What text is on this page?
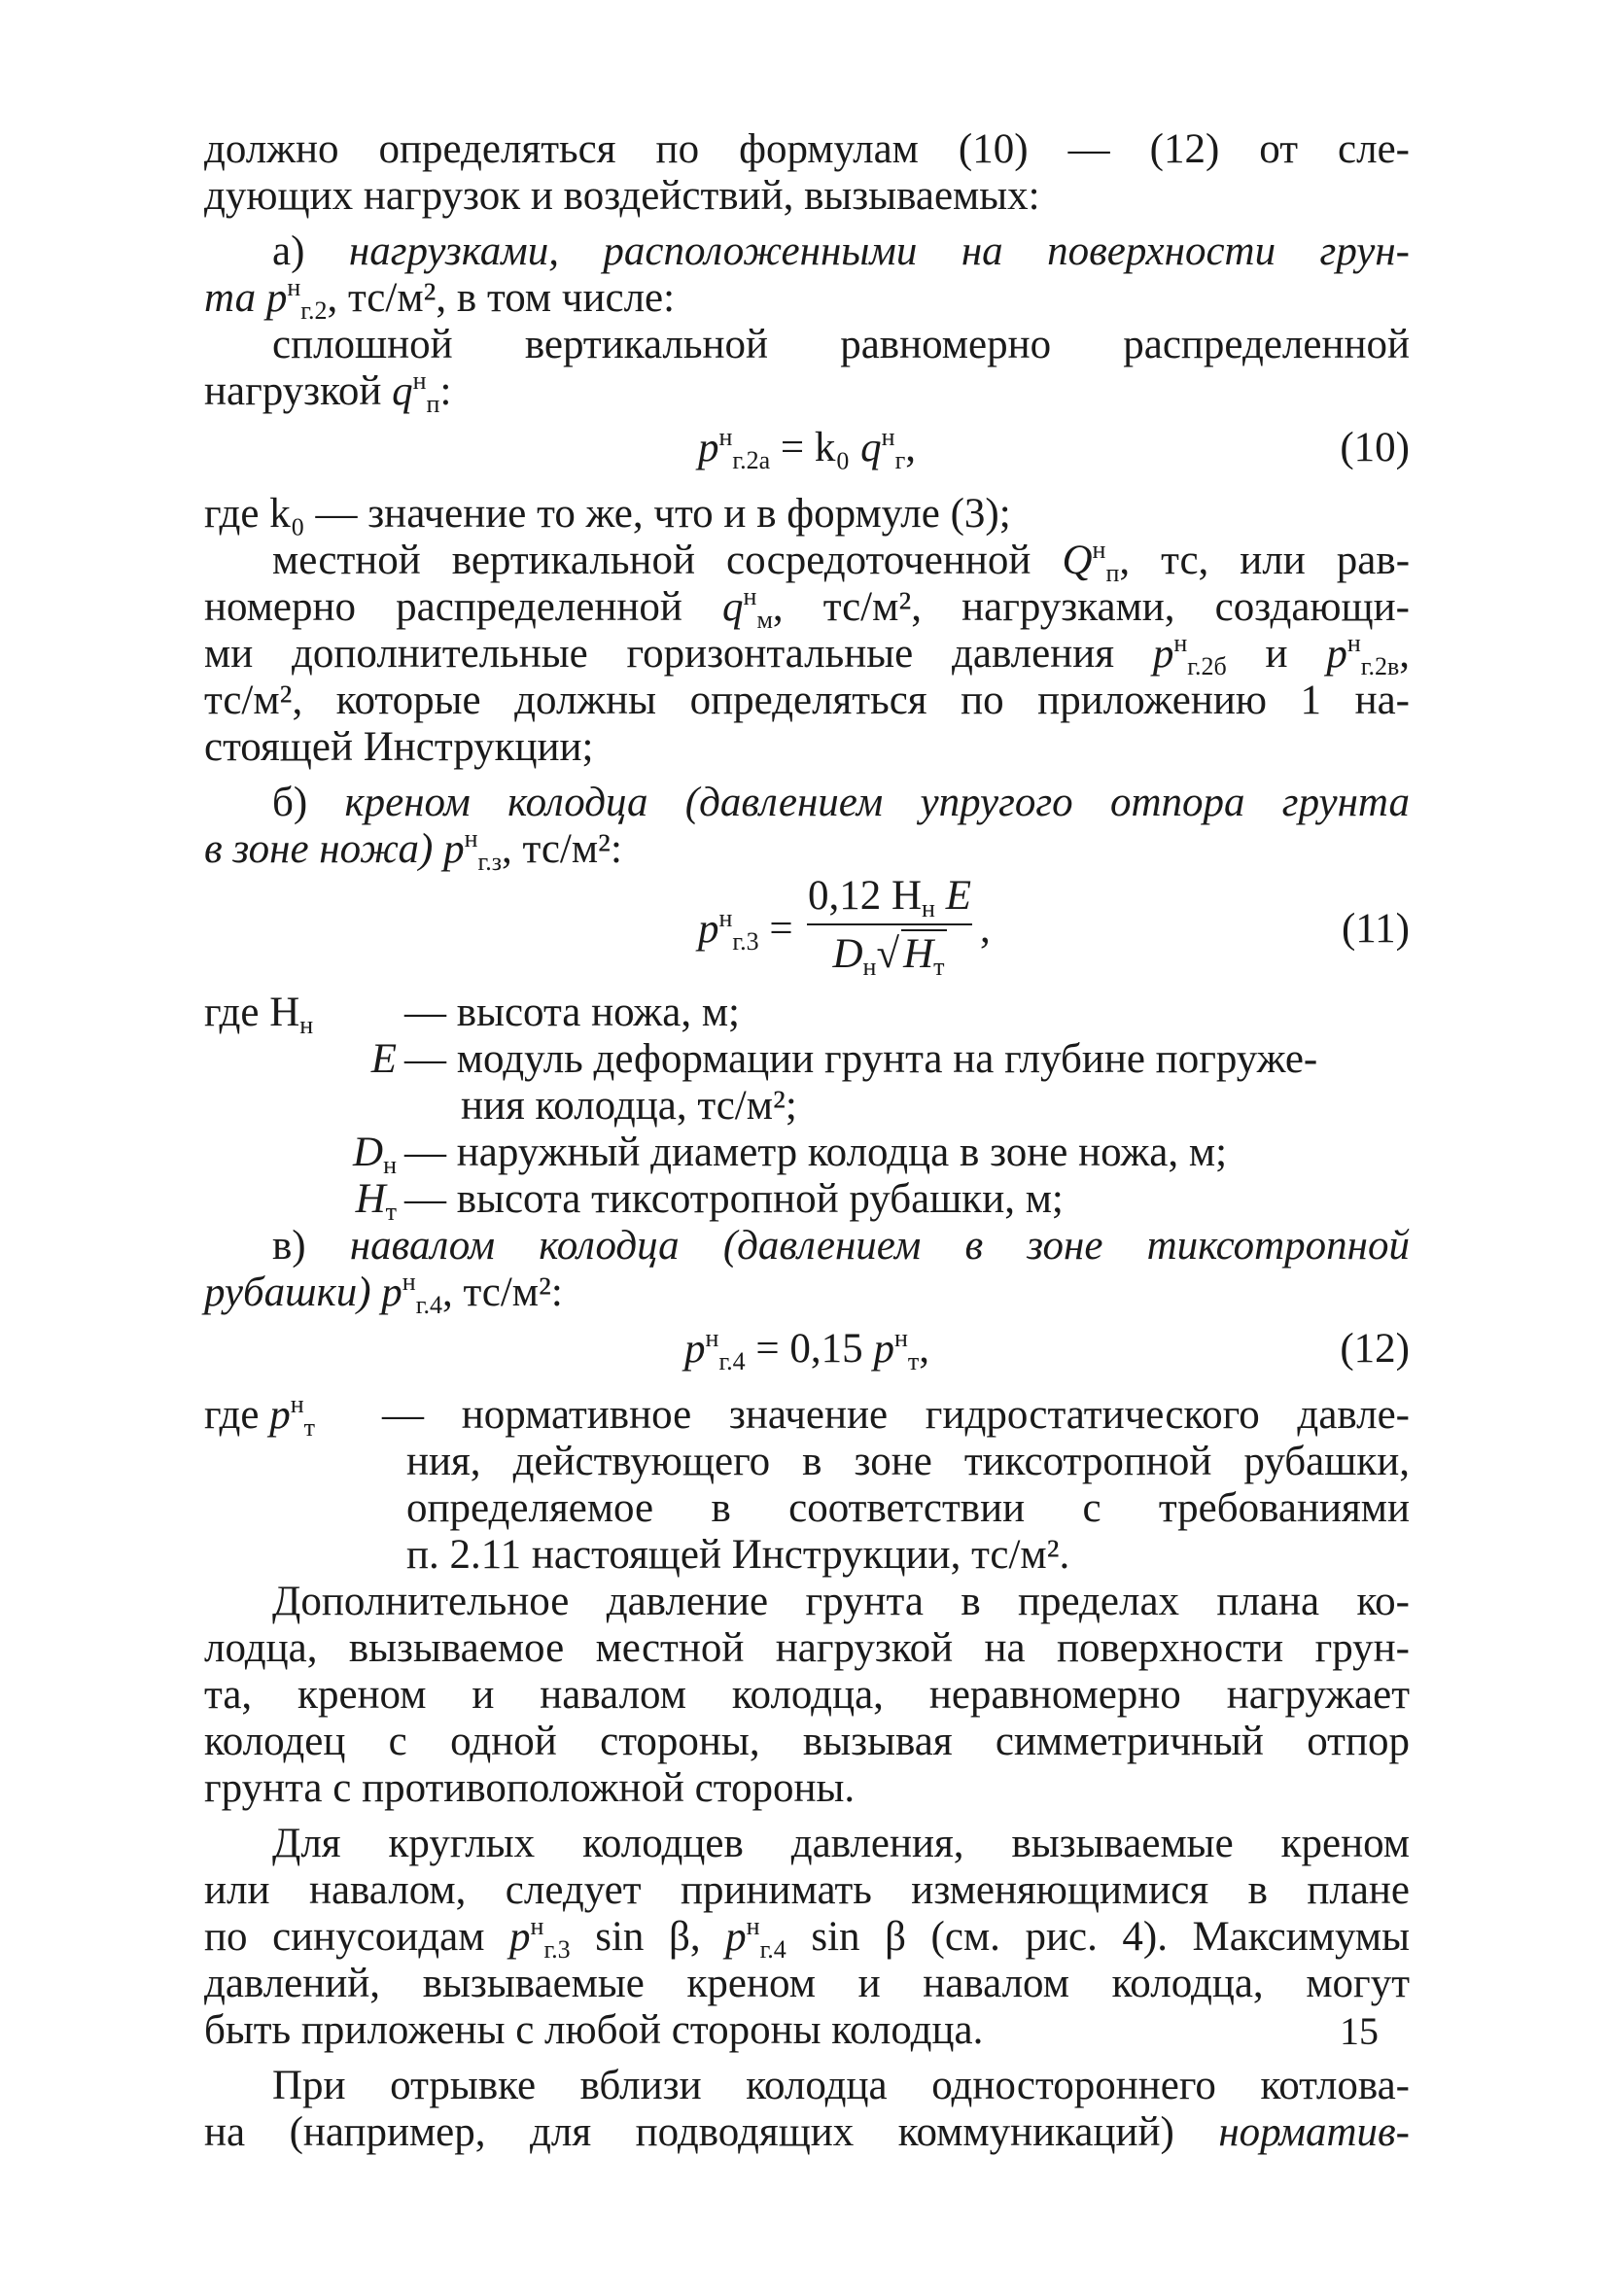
должно определяться по формулам (10) — (12) от сле-

дующих нагрузок и воздействий, вызываемых:

а) нагрузками, расположенными на поверхности грун-

та $p^н_{г.2}$, тс/м², в том числе:

сплошной вертикальной равномерно распределенной

нагрузкой $q^н_п$:

$p^н_{г.2а} = k_0$ $q^н_г$,	(10)

где k₀ — значение то же, что и в формуле (3);

местной вертикальной сосредоточенной $Q^н_п$, тс, или рав-

номерно распределенной $q^н_м$, тс/м², нагрузками, создающи-

ми дополнительные горизонтальные давления $p^н_{г.2б}$ и $p^н_{г.2в}$,

тс/м², которые должны определяться по приложению 1 на-

стоящей Инструкции;

б) креном колодца (давлением упругого отпора грунта

в зоне ножа) $p^н_{г.з}$, тс/м²:

$p^н_{г.3}$ =
0,12 $H_н$ E
$D_н√H_т$
,	(11)
где $H_н$	— высота ножа, м;
E — модуль деформации грунта на глубине погруже-
ния колодца, тс/м²;
$D_н$ — наружный диаметр колодца в зоне ножа, м;
$H_т$ — высота тиксотропной рубашки, м;

в) навалом колодца (давлением в зоне тиксотропной

рубашки) $p^н_{г.4}$, тс/м²:

$p^н_{г.4} = 0,15$ $p^н_т$,	(12)
где $p^н_т$	— нормативное значение гидростатического давле-
ния, действующего в зоне тиксотропной рубашки,
определяемое в соответствии с требованиями
п. 2.11 настоящей Инструкции, тс/м².

Дополнительное давление грунта в пределах плана ко-

лодца, вызываемое местной нагрузкой на поверхности грун-

та, креном и навалом колодца, неравномерно нагружает

колодец с одной стороны, вызывая симметричный отпор

грунта с противоположной стороны.

Для круглых колодцев давления, вызываемые креном

или навалом, следует принимать изменяющимися в плане

по синусоидам $p^н_{г.3}$ sin β, $p^н_{г.4}$ sin β (см. рис. 4). Максимумы

давлений, вызываемые креном и навалом колодца, могут

быть приложены с любой стороны колодца.

При отрывке вблизи колодца одностороннего котлова-

на (например, для подводящих коммуникаций) норматив-

15
